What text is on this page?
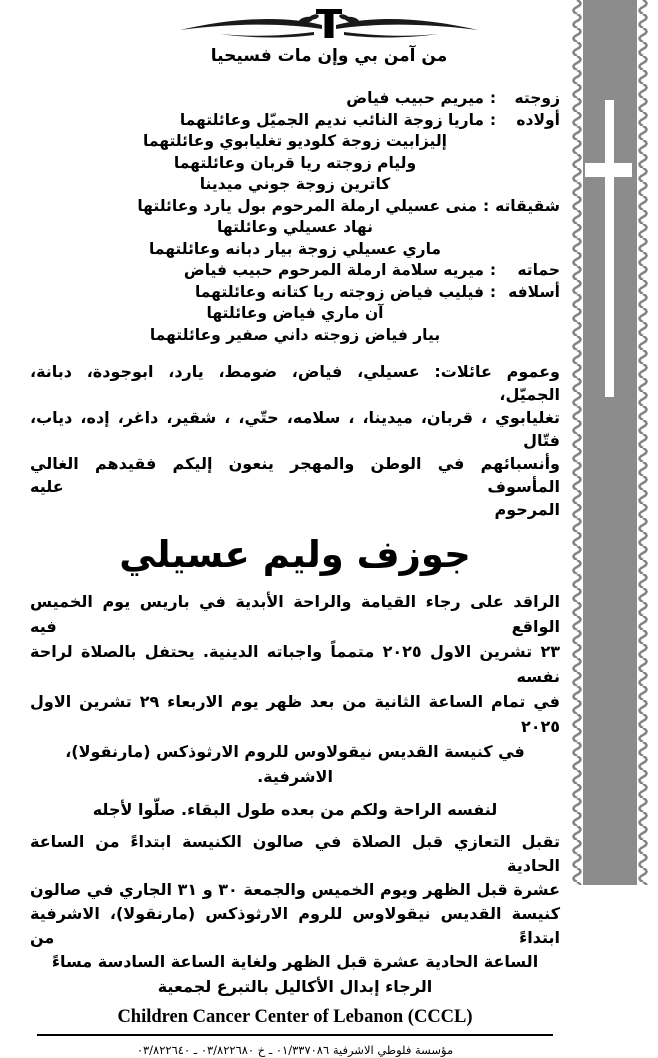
من آمن بي وإن مات فسيحيا
زوجته
:
ميريم حبيب فياض
أولاده
:
ماريا زوجة النائب نديم الجميّل وعائلتهما
إليزابيت زوجة كلوديو تغليابوي وعائلتهما
وليام زوجته ريا قربان وعائلتهما
كاترين زوجة جوني ميدينا
شقيقاته
:
منى عسيلي ارملة المرحوم بول يارد وعائلتها
نهاد عسيلي وعائلتها
ماري عسيلي زوجة بيار دبانه وعائلتهما
حماته
:
ميريه سلامة ارملة المرحوم حبيب فياض
أسلافه
:
فيليب فياض زوجته ريا كتانه وعائلتهما
آن ماري فياض وعائلتها
بيار فياض زوجته داني صفير وعائلتهما
وعموم عائلات: عسيلي، فياض، ضومط، يارد، ابوجودة، دبانة، الجميّل،
تغليابوي ، قربان، ميدينا، ، سلامه، حتّي، ، شقير، داغر، إده، دياب، فتّال
وأنسبائهم في الوطن والمهجر ينعون إليكم فقيدهم الغالي المأسوف عليه
المرحوم
جوزف وليم عسيلي
الراقد على رجاء القيامة والراحة الأبدية في باريس يوم الخميس الواقع فيه
٢٣ تشرين الاول ٢٠٢٥ متمماً واجباته الدينية. يحتفل بالصلاة لراحة نفسه
في تمام الساعة الثانية من بعد ظهر يوم الاربعاء ٢٩ تشرين الاول ٢٠٢٥
في كنيسة القديس نيقولاوس للروم الارثوذكس (مارنقولا)، الاشرفية.
لنفسه الراحة ولكم من بعده طول البقاء. صلّوا لأجله
تقبل التعازي قبل الصلاة في صالون الكنيسة ابتداءً من الساعة الحادية
عشرة قبل الظهر ويوم الخميس والجمعة ٣٠ و ٣١ الجاري في صالون
كنيسة القديس نيقولاوس للروم الارثوذكس (مارنقولا)، الاشرفية ابتداءً من
الساعة الحادية عشرة قبل الظهر ولغاية الساعة السادسة مساءً
الرجاء إبدال الأكاليل بالتبرع لجمعية
Children Cancer Center of Lebanon (CCCL)
مؤسسة فلوطي الاشرفية ٠١/٣٣٧٠٨٦ ـ خ ٠٣/٨٢٢٦٨٠ ـ ٠٣/٨٢٢٦٤٠
